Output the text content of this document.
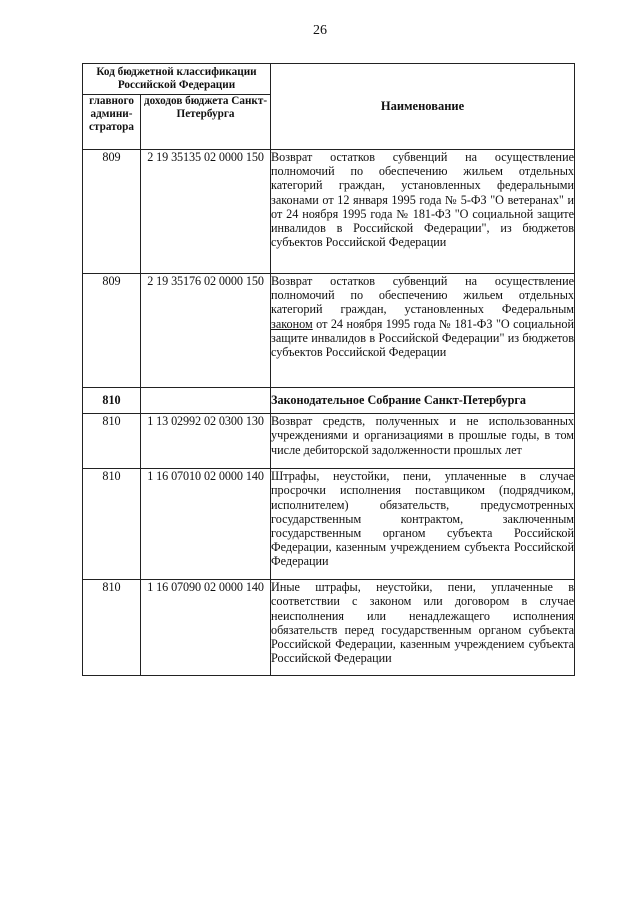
26
Код бюджетной классификации Российской Федерации		Наименование
главного админи-стратора	доходов бюджета Санкт-Петербурга	
809	2 19 35135 02 0000 150	Возврат остатков субвенций на осуществление полномочий по обеспечению жильем отдельных категорий граждан, установленных федеральными законами от 12 января 1995 года № 5-ФЗ "О ветеранах" и от 24 ноября 1995 года № 181-ФЗ "О социальной защите инвалидов в Российской Федерации", из бюджетов субъектов Российской Федерации
809	2 19 35176 02 0000 150	Возврат остатков субвенций на осуществление полномочий по обеспечению жильем отдельных категорий граждан, установленных Федеральным законом от 24 ноября 1995 года № 181-ФЗ "О социальной защите инвалидов в Российской Федерации" из бюджетов субъектов Российской Федерации
810		Законодательное Собрание Санкт-Петербурга
810	1 13 02992 02 0300 130	Возврат средств, полученных и не использованных учреждениями и организациями в прошлые годы, в том числе дебиторской задолженности прошлых лет
810	1 16 07010 02 0000 140	Штрафы, неустойки, пени, уплаченные в случае просрочки исполнения поставщиком (подрядчиком, исполнителем) обязательств, предусмотренных государственным контрактом, заключенным государственным органом субъекта Российской Федерации, казенным учреждением субъекта Российской Федерации
810	1 16 07090 02 0000 140	Иные штрафы, неустойки, пени, уплаченные в соответствии с законом или договором в случае неисполнения или ненадлежащего исполнения обязательств перед государственным органом субъекта Российской Федерации, казенным учреждением субъекта Российской Федерации
